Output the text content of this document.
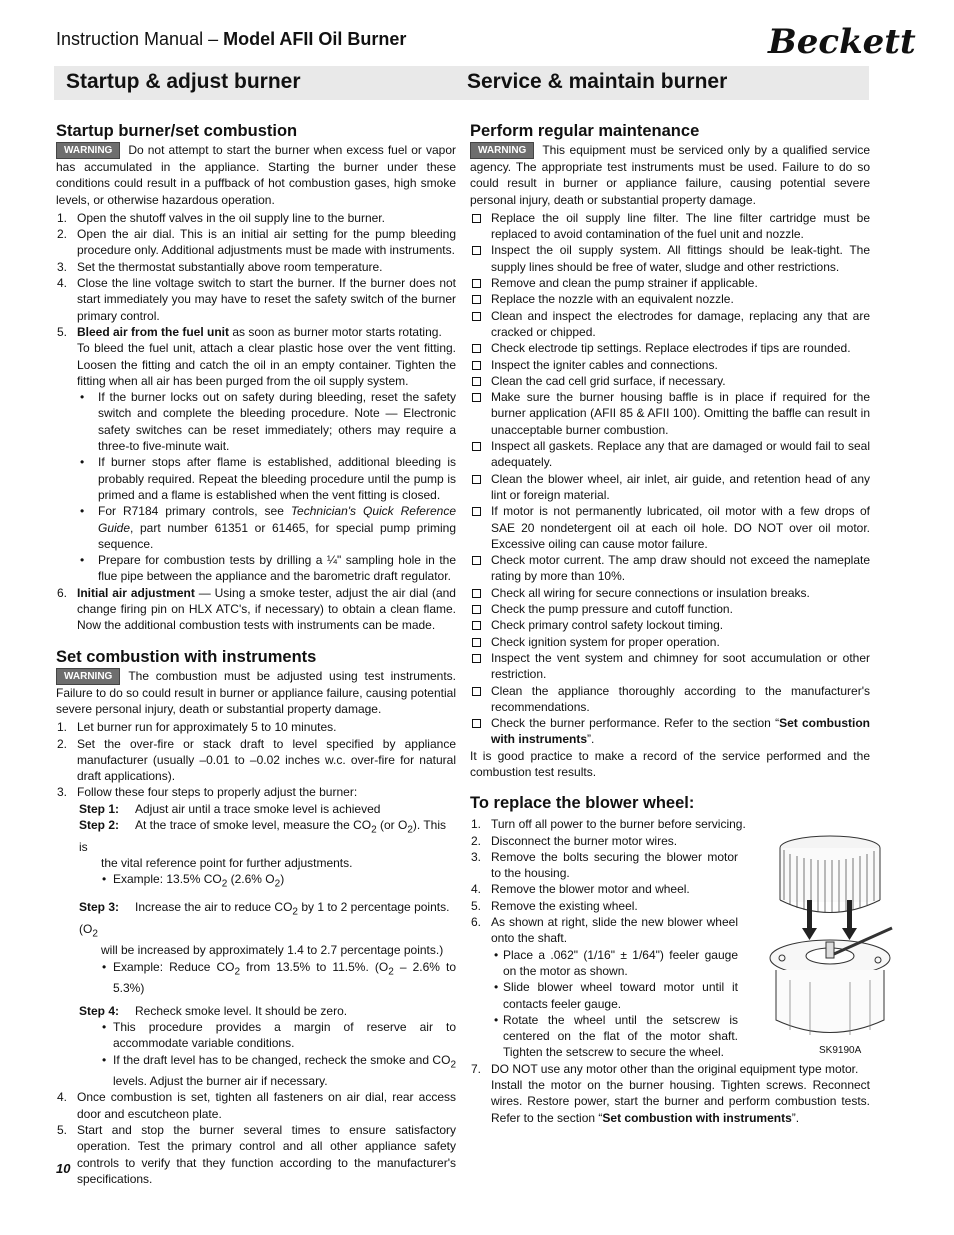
Instruction Manual – Model AFII Oil Burner	Beckett
Startup & adjust burner	Service & maintain burner
Startup burner/set combustion

WARNING Do not attempt to start the burner when excess fuel or vapor has accumulated in the appliance. Starting the burner under these conditions could result in a puffback of hot combustion gases, high smoke levels, or otherwise hazardous operation.

1. Open the shutoff valves in the oil supply line to the burner.
2. Open the air dial. This is an initial air setting for the pump bleeding procedure only. Additional adjustments must be made with instruments.
3. Set the thermostat substantially above room temperature.
4. Close the line voltage switch to start the burner. If the burner does not start immediately you may have to reset the safety switch of the burner primary control.
5. Bleed air from the fuel unit as soon as burner motor starts rotating.
To bleed the fuel unit, attach a clear plastic hose over the vent fitting. Loosen the fitting and catch the oil in an empty container. Tighten the fitting when all air has been purged from the oil supply system.
• If the burner locks out on safety during bleeding, reset the safety switch and complete the bleeding procedure. Note — Electronic safety switches can be reset immediately; others may require a three-to five-minute wait.
• If burner stops after flame is established, additional bleeding is probably required. Repeat the bleeding procedure until the pump is primed and a flame is established when the vent fitting is closed.
• For R7184 primary controls, see Technician's Quick Reference Guide, part number 61351 or 61465, for special pump priming sequence.
• Prepare for combustion tests by drilling a ¼" sampling hole in the flue pipe between the appliance and the barometric draft regulator.
6. Initial air adjustment — Using a smoke tester, adjust the air dial (and change firing pin on HLX ATC's, if necessary) to obtain a clean flame. Now the additional combustion tests with instruments can be made.
Set combustion with instruments

WARNING The combustion must be adjusted using test instruments. Failure to do so could result in burner or appliance failure, causing potential severe personal injury, death or substantial property damage.

1. Let burner run for approximately 5 to 10 minutes.
2. Set the over-fire or stack draft to level specified by appliance manufacturer (usually –0.01 to –0.02 inches w.c. over-fire for natural draft applications).
3. Follow these four steps to properly adjust the burner:
Step 1: Adjust air until a trace smoke level is achieved
Step 2: At the trace of smoke level, measure the $CO_2$ (or $O_2$). This is
the vital reference point for further adjustments.
• Example: 13.5% $CO_2$ (2.6% $O_2$)
Step 3: Increase the air to reduce $CO_2$ by 1 to 2 percentage points. ($O_2$
will be increased by approximately 1.4 to 2.7 percentage points.)
• Example: Reduce $CO_2$ from 13.5% to 11.5%. ($O_2 - 2.6\%$ to 5.3%)
Step 4: Recheck smoke level. It should be zero.
• This procedure provides a margin of reserve air to accommodate variable conditions.
• If the draft level has to be changed, recheck the smoke and $CO_2$ levels. Adjust the burner air if necessary.
4. Once combustion is set, tighten all fasteners on air dial, rear access door and escutcheon plate.
5. Start and stop the burner several times to ensure satisfactory operation. Test the primary control and all other appliance safety controls to verify that they function according to the manufacturer's specifications.
Perform regular maintenance

WARNING This equipment must be serviced only by a qualified service agency. The appropriate test instruments must be used. Failure to do so could result in burner or appliance failure, causing potential severe personal injury, death or substantial property damage.

Replace the oil supply line filter. The line filter cartridge must be replaced to avoid contamination of the fuel unit and nozzle.
Inspect the oil supply system. All fittings should be leak-tight. The supply lines should be free of water, sludge and other restrictions.
Remove and clean the pump strainer if applicable.
Replace the nozzle with an equivalent nozzle.
Clean and inspect the electrodes for damage, replacing any that are cracked or chipped.
Check electrode tip settings. Replace electrodes if tips are rounded.
Inspect the igniter cables and connections.
Clean the cad cell grid surface, if necessary.
Make sure the burner housing baffle is in place if required for the burner application (AFII 85 & AFII 100). Omitting the baffle can result in unacceptable burner combustion.
Inspect all gaskets. Replace any that are damaged or would fail to seal adequately.
Clean the blower wheel, air inlet, air guide, and retention head of any lint or foreign material.
If motor is not permanently lubricated, oil motor with a few drops of SAE 20 nondetergent oil at each oil hole. DO NOT over oil motor. Excessive oiling can cause motor failure.
Check motor current. The amp draw should not exceed the nameplate rating by more than 10%.
Check all wiring for secure connections or insulation breaks.
Check the pump pressure and cutoff function.
Check primary control safety lockout timing.
Check ignition system for proper operation.
Inspect the vent system and chimney for soot accumulation or other restriction.
Clean the appliance thoroughly according to the manufacturer's recommendations.
Check the burner performance. Refer to the section “Set combustion with instruments”.

It is good practice to make a record of the service performed and the combustion test results.

To replace the blower wheel:
1. Turn off all power to the burner before servicing.
2. Disconnect the burner motor wires.
3. Remove the bolts securing the blower motor to the housing.
4. Remove the blower motor and wheel.
5. Remove the existing wheel.
6. As shown at right, slide the new blower wheel onto the shaft.
• Place a .062" (1/16" ± 1/64") feeler gauge on the motor as shown.
• Slide blower wheel toward motor until it contacts feeler gauge.
• Rotate the wheel until the setscrew is centered on the flat of the motor shaft. Tighten the setscrew to secure the wheel.
7. DO NOT use any motor other than the original equipment type motor.
Install the motor on the burner housing. Tighten screws. Reconnect wires. Restore power, start the burner and perform combustion tests. Refer to the section “Set combustion with instruments”.
SK9190A
10
